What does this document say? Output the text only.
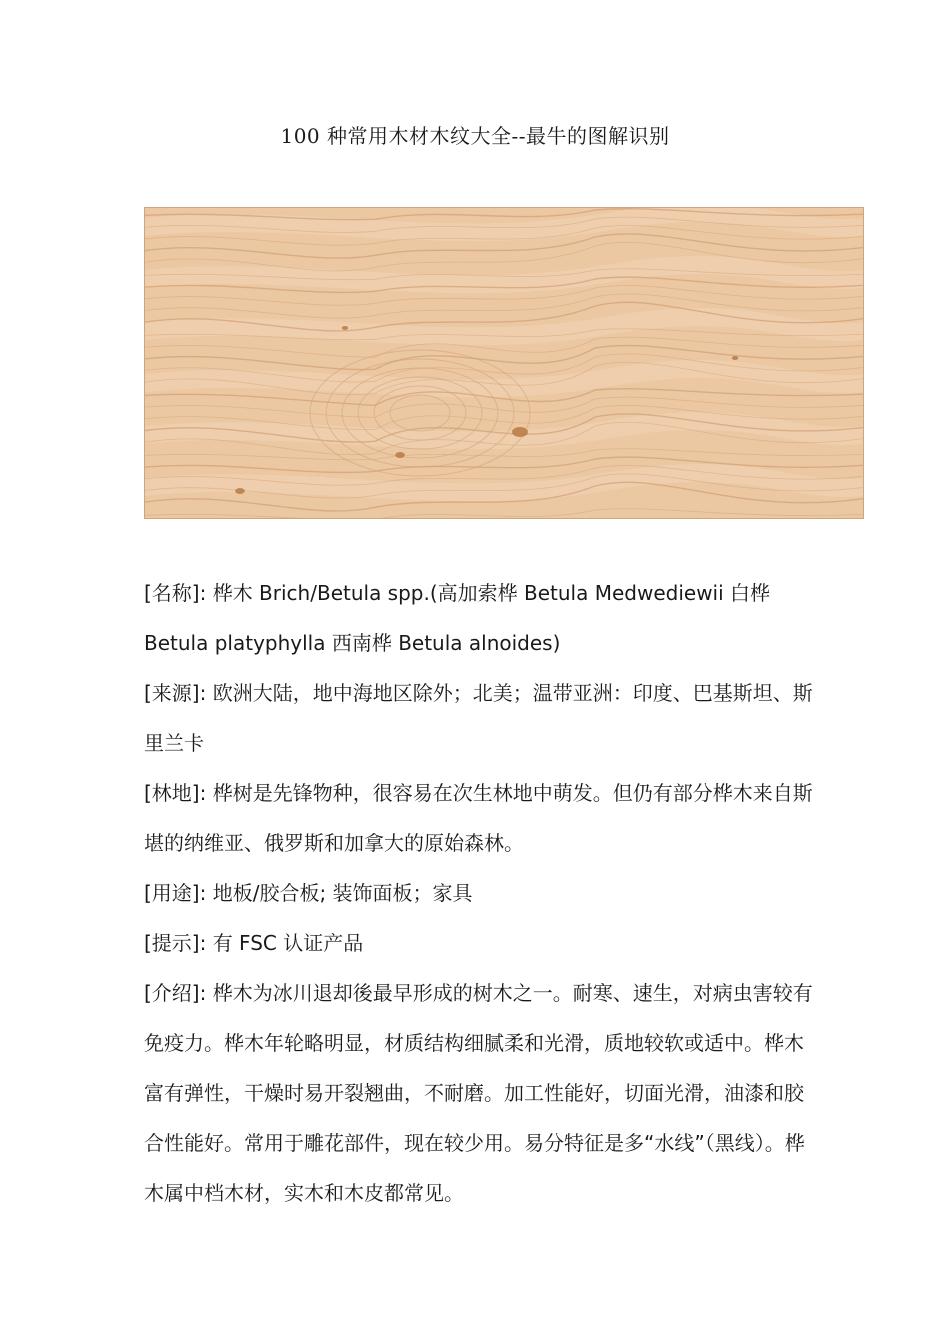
100 种常用木材木纹大全--最牛的图解识别

[名称]: 桦木 Brich/Betula spp.(高加索桦 Betula Medwediewii 白桦 Betula platyphylla 西南桦 Betula alnoides)

[来源]: 欧洲大陆，地中海地区除外；北美；温带亚洲：印度、巴基斯坦、斯里兰卡

[林地]: 桦树是先锋物种，很容易在次生林地中萌发。但仍有部分桦木来自斯堪的纳维亚、俄罗斯和加拿大的原始森林。

[用途]: 地板/胶合板; 装饰面板；家具

[提示]: 有 FSC 认证产品

[介绍]: 桦木为冰川退却後最早形成的树木之一。耐寒、速生，对病虫害较有免疫力。桦木年轮略明显，材质结构细腻柔和光滑，质地较软或适中。桦木富有弹性，干燥时易开裂翘曲，不耐磨。加工性能好，切面光滑，油漆和胶合性能好。常用于雕花部件，现在较少用。易分特征是多“水线”（黑线）。桦木属中档木材，实木和木皮都常见。
